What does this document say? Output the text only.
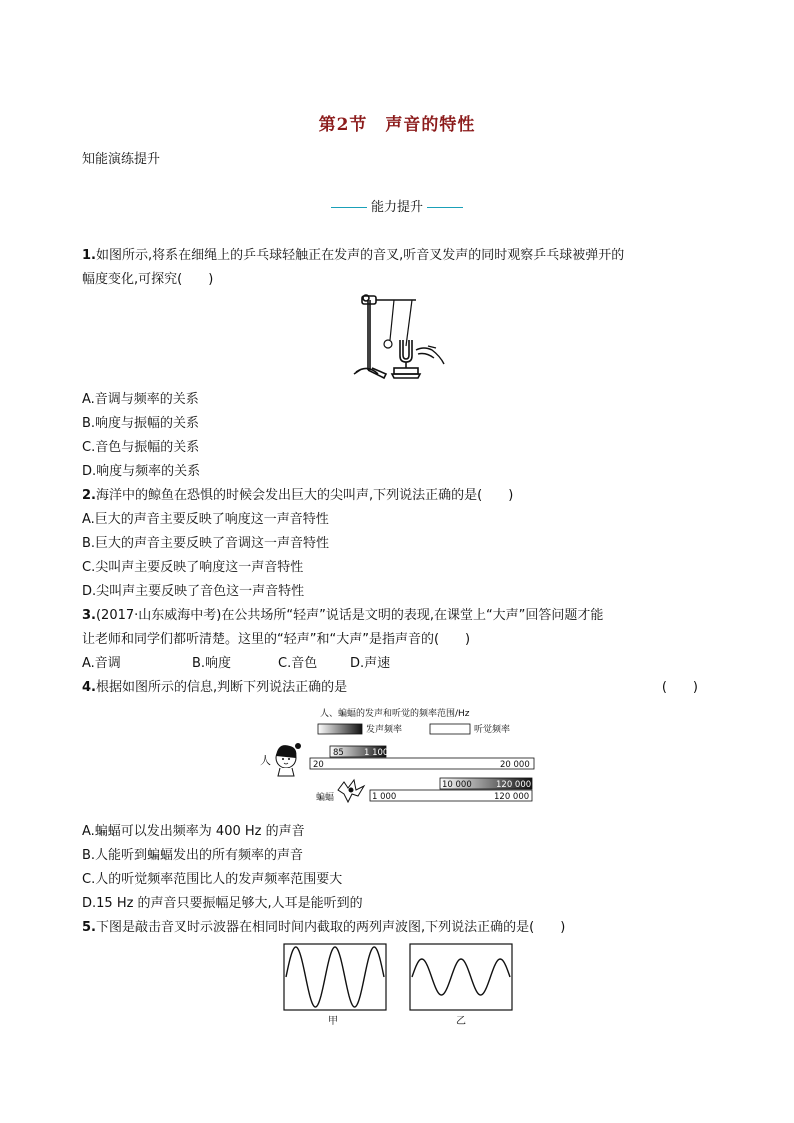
第2节　声音的特性
知能演练提升
能力提升
1.如图所示,将系在细绳上的乒乓球轻触正在发声的音叉,听音叉发声的同时观察乒乓球被弹开的
幅度变化,可探究(　　)
A.音调与频率的关系
B.响度与振幅的关系
C.音色与振幅的关系
D.响度与频率的关系
2.海洋中的鲸鱼在恐惧的时候会发出巨大的尖叫声,下列说法正确的是(　　)
A.巨大的声音主要反映了响度这一声音特性
B.巨大的声音主要反映了音调这一声音特性
C.尖叫声主要反映了响度这一声音特性
D.尖叫声主要反映了音色这一声音特性
3.(2017·山东威海中考)在公共场所“轻声”说话是文明的表现,在课堂上“大声”回答问题才能
让老师和同学们都听清楚。这里的“轻声”和“大声”是指声音的(　　)
A.音调	B.响度	C.音色	D.声速
4.根据如图所示的信息,判断下列说法正确的是	(　　)
人、蝙蝠的发声和听觉的频率范围/Hz
发声频率	听觉频率
人
85 1 100
20	20 000
蝙蝠
10 000	120 000
1 000	120 000
A.蝙蝠可以发出频率为 400 Hz 的声音
B.人能听到蝙蝠发出的所有频率的声音
C.人的听觉频率范围比人的发声频率范围要大
D.15 Hz 的声音只要振幅足够大,人耳是能听到的
5.下图是敲击音叉时示波器在相同时间内截取的两列声波图,下列说法正确的是(　　)
甲	乙
